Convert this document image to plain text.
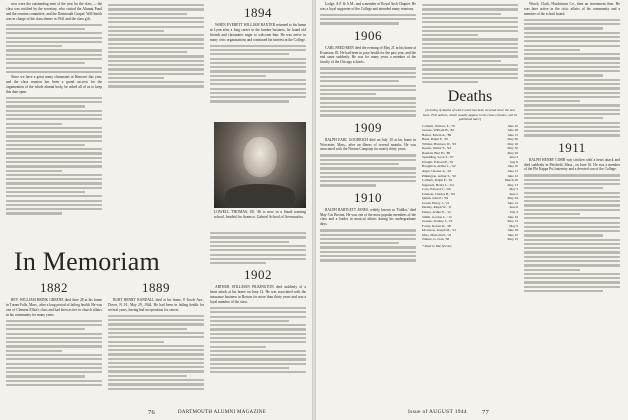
now were the outstanding men of the year for the class — the class was notified by the secretary, who visited the Alumni Fund and the reunion committee, and the Dartmouth Gospel. Will Smith was in charge of the class dinner in 1941 and the class gift.

Since we have a great many classmates at Hanover this year, and the class reunion has been a grand success for the organization of the whole alumni body, he asked all of us to keep this date open.

LOWELL THOMAS, JR. '46 is now in a Saudi training school, headed for Aramco. Gabriel School of Aeronautics.
1894

WHEN EVERETT WILLIAM BAXTER returned to his home in Lynn after a long career in the lumber business, he found old friends and classmates eager to welcome him. He was active in many civic organizations and continued his interest in the College.

In Memoriam
1882

REV. WILLIAM BRINK GREENE died June 28 at his home in Turner Falls, Mass., after a long period of failing health. He was one of Clement Elliot's class and had been active in church affairs in his community for many years.

1889

BURT HENRY RANDALL died at his home, 8 Towle Ave., Dover, N. H., May 29, 1944. He had been in failing health for several years, having had an operation for cancer.

1902

ARTHUR STILLMAN PILKINGTON died suddenly of a heart attack at his home on June 12. He was associated with the insurance business in Boston for more than thirty years and was a loyal member of the class.

76	DARTMOUTH ALUMNI MAGAZINE

Lodge, A.F. & A.M., and a member of Royal Arch Chapter. He was a loyal supporter of the College and attended many reunions.

1906

CARL FRED REIN died the evening of May 21 in his home at Evanston, Ill. He had been in poor health for the past year, and the end came suddenly. He was for many years a member of the faculty of the Chicago schools.

1909

RALPH EARL GOODRICH died on July 10 at his home in Worcester, Mass., after an illness of several months. He was associated with the Norton Company for nearly thirty years.

1910

RALPH BARTLETT JONES, widely known as 'Fiddler,' died May 3 in Boston. He was one of the most popular members of the class and a leader in musical affairs during his undergraduate days.

Deaths
[A listing of deaths of which word has been received since the last issue. Full notices, which usually appear in the class columns, will be published later.]
Colburn, Wallace T., '79	June 16
Greene, William B., '82	June 28
Baxter, Edwin A., '89	June 15
Heed, Ralph F., '92	May 29
Wilmot, Harrison W., '93	May 10
Keefer, Walter S., '94	May 30
Randall, Burt H., '89	May 29
Spaulding, Leon T., '97	June 4
Dwight, Edward F., '00	July 6
Houghton, Arthur L., '02	June 10
Alger, Chester A., '02	June 13
Pilkington, Arthur S., '02	June 12
Colburn, Ralph E., '02	March 26
Ingersoll, Henry L., '04	May 13
Coss, Edward C., '06	May 3
Johnson, Charles B., '09	June 2
Quinn, John E., '09	May 24
Gould, Henry J., '10	June 14
Dudley, Ralph W., '11	June 6
Parker, Arthur E., '12	July 3
Smith, Gordon L., '14	June 19
Greene, Stanley J., '16	May 14
Foster, Robert K., '20	May 9
Morrison, Joseph M., '22	June 18
Marr, Malcolm P., '26	June 22
Walker, G. Ivan, '38	May 25
* Died in War Service

Winch, Clark, Hutchinson Co., then an investment firm. He was later active in the civic affairs of his community and a member of the school board.

1911

RALPH HENRY COBB was stricken with a heart attack and died suddenly in Pittsfield, Mass., on June 16. He was a member of the Phi Kappa Psi fraternity and a devoted son of the College.

Issue of AUGUST 1944 77
